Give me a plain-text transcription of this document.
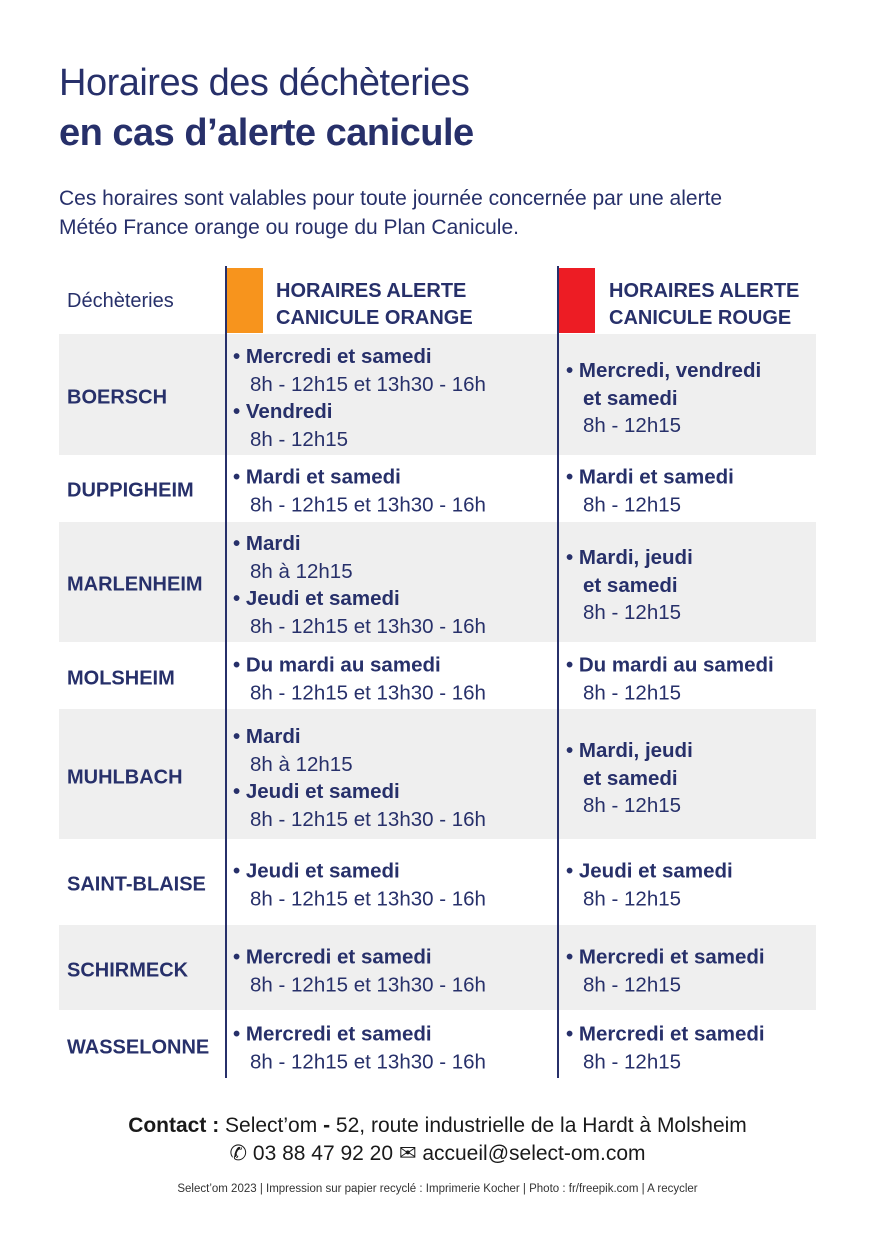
Horaires des déchèteries
en cas d’alerte canicule
Ces horaires sont valables pour toute journée concernée par une alerte
Météo France orange ou rouge du Plan Canicule.
Déchèteries	HORAIRES ALERTE
CANICULE ORANGE
HORAIRES ALERTE
CANICULE ROUGE
BOERSCH
• Mercredi et samedi
8h - 12h15 et 13h30 - 16h
• Vendredi
8h - 12h15
• Mercredi, vendredi
et samedi
8h - 12h15
DUPPIGHEIM
• Mardi et samedi
8h - 12h15 et 13h30 - 16h
• Mardi et samedi
8h - 12h15
MARLENHEIM
• Mardi
8h à 12h15
• Jeudi et samedi
8h - 12h15 et 13h30 - 16h
• Mardi, jeudi
et samedi
8h - 12h15
MOLSHEIM
• Du mardi au samedi
8h - 12h15 et 13h30 - 16h
• Du mardi au samedi
8h - 12h15
MUHLBACH
• Mardi
8h à 12h15
• Jeudi et samedi
8h - 12h15 et 13h30 - 16h
• Mardi, jeudi
et samedi
8h - 12h15
SAINT-BLAISE
• Jeudi et samedi
8h - 12h15 et 13h30 - 16h
• Jeudi et samedi
8h - 12h15
SCHIRMECK
• Mercredi et samedi
8h - 12h15 et 13h30 - 16h
• Mercredi et samedi
8h - 12h15
WASSELONNE
• Mercredi et samedi
8h - 12h15 et 13h30 - 16h
• Mercredi et samedi
8h - 12h15
Contact : Select’om - 52, route industrielle de la Hardt à Molsheim
✆ 03 88 47 92 20 ✉ accueil@select-om.com
Select’om 2023 | Impression sur papier recyclé : Imprimerie Kocher | Photo : fr/freepik.com | A recycler
